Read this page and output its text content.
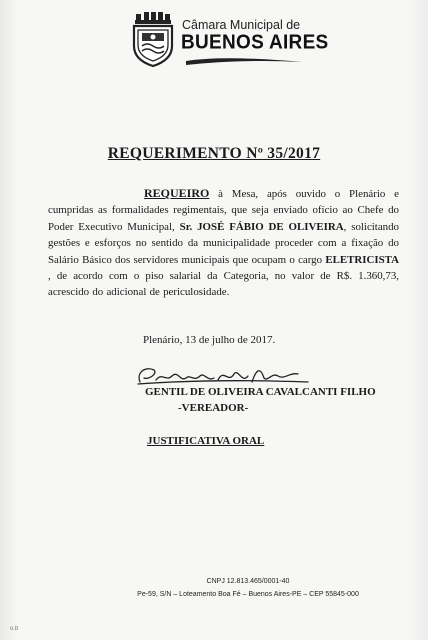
Câmara Municipal de
BUENOS AIRES
REQUERIMENTO Nº 35/2017
REQUEIRO à Mesa, após ouvido o Plenário e cumpridas as formalidades regimentais, que seja enviado ofício ao Chefe do Poder Executivo Municipal, Sr. JOSÉ FÁBIO DE OLIVEIRA, solicitando gestões e esforços no sentido da municipalidade proceder com a fixação do Salário Básico dos servidores municipais que ocupam o cargo ELETRICISTA , de acordo com o piso salarial da Categoria, no valor de R$. 1.360,73, acrescido do adicional de periculosidade.
Plenário, 13 de julho de 2017.
GENTIL DE OLIVEIRA CAVALCANTI FILHO
-VEREADOR-
JUSTIFICATIVA ORAL
CNPJ 12.813.465/0001-40
Pe-59, S/N – Loteamento Boa Fé – Buenos Aires-PE – CEP 55845-000
o.b
